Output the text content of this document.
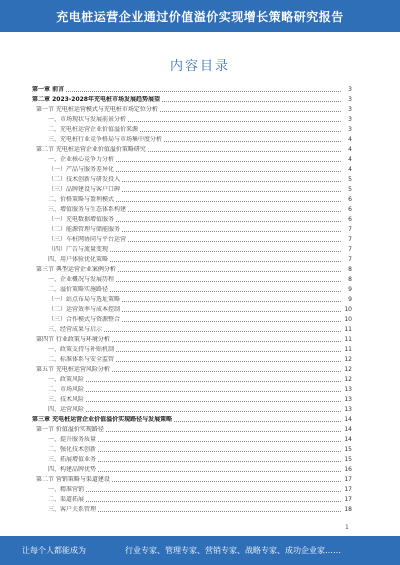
充电桩运营企业通过价值溢价实现增长策略研究报告
内容目录
第一章 前言	3
第二章 2023-2028年充电桩市场发展趋势展望	3
第一节 充电桩运营模式与充电桩市场定位分析	3
一、市场现状与发展前景分析	3
二、充电桩运营企业价值溢价来源	3
三、充电桩行业竞争格局与市场集中度分析	4
第二节 充电桩运营企业价值溢价策略研究	4
一、企业核心竞争力分析	4
（一）产品与服务差异化	4
（二）技术创新与研发投入	5
（三）品牌建设与客户口碑	5
二、价格策略与盈利模式	6
三、增值服务与生态体系构建	6
（一）充电数据增值服务	6
（二）能源管理与储能服务	7
（三）车桩网协同与平台运营	7
（四）广告与流量变现	7
四、用户体验优化策略	7
第三节 典型运营企业案例分析	8
一、企业概况与发展历程	8
二、溢价策略实施路径	9
（一）站点布局与选址策略	9
（二）运营效率与成本控制	10
（三）合作模式与资源整合	10
三、经营成果与启示	11
第四节 行业政策与环境分析	11
一、政策支持与补贴机制	11
二、标准体系与安全监管	12
第五节 充电桩运营风险分析	12
一、政策风险	12
二、市场风险	13
三、技术风险	13
四、运营风险	13
第三章 充电桩运营企业价值溢价实现路径与发展策略	14
第一节 价值溢价实现路径	14
一、提升服务质量	14
二、强化技术创新	15
三、拓展增值业务	15
四、构建品牌优势	16
第二节 营销策略与渠道建设	17
一、精准营销	17
二、渠道拓展	17
三、客户关系管理	18
1
让每个人都能成为	行业专家、管理专家、营销专家、战略专家、成功企业家……
